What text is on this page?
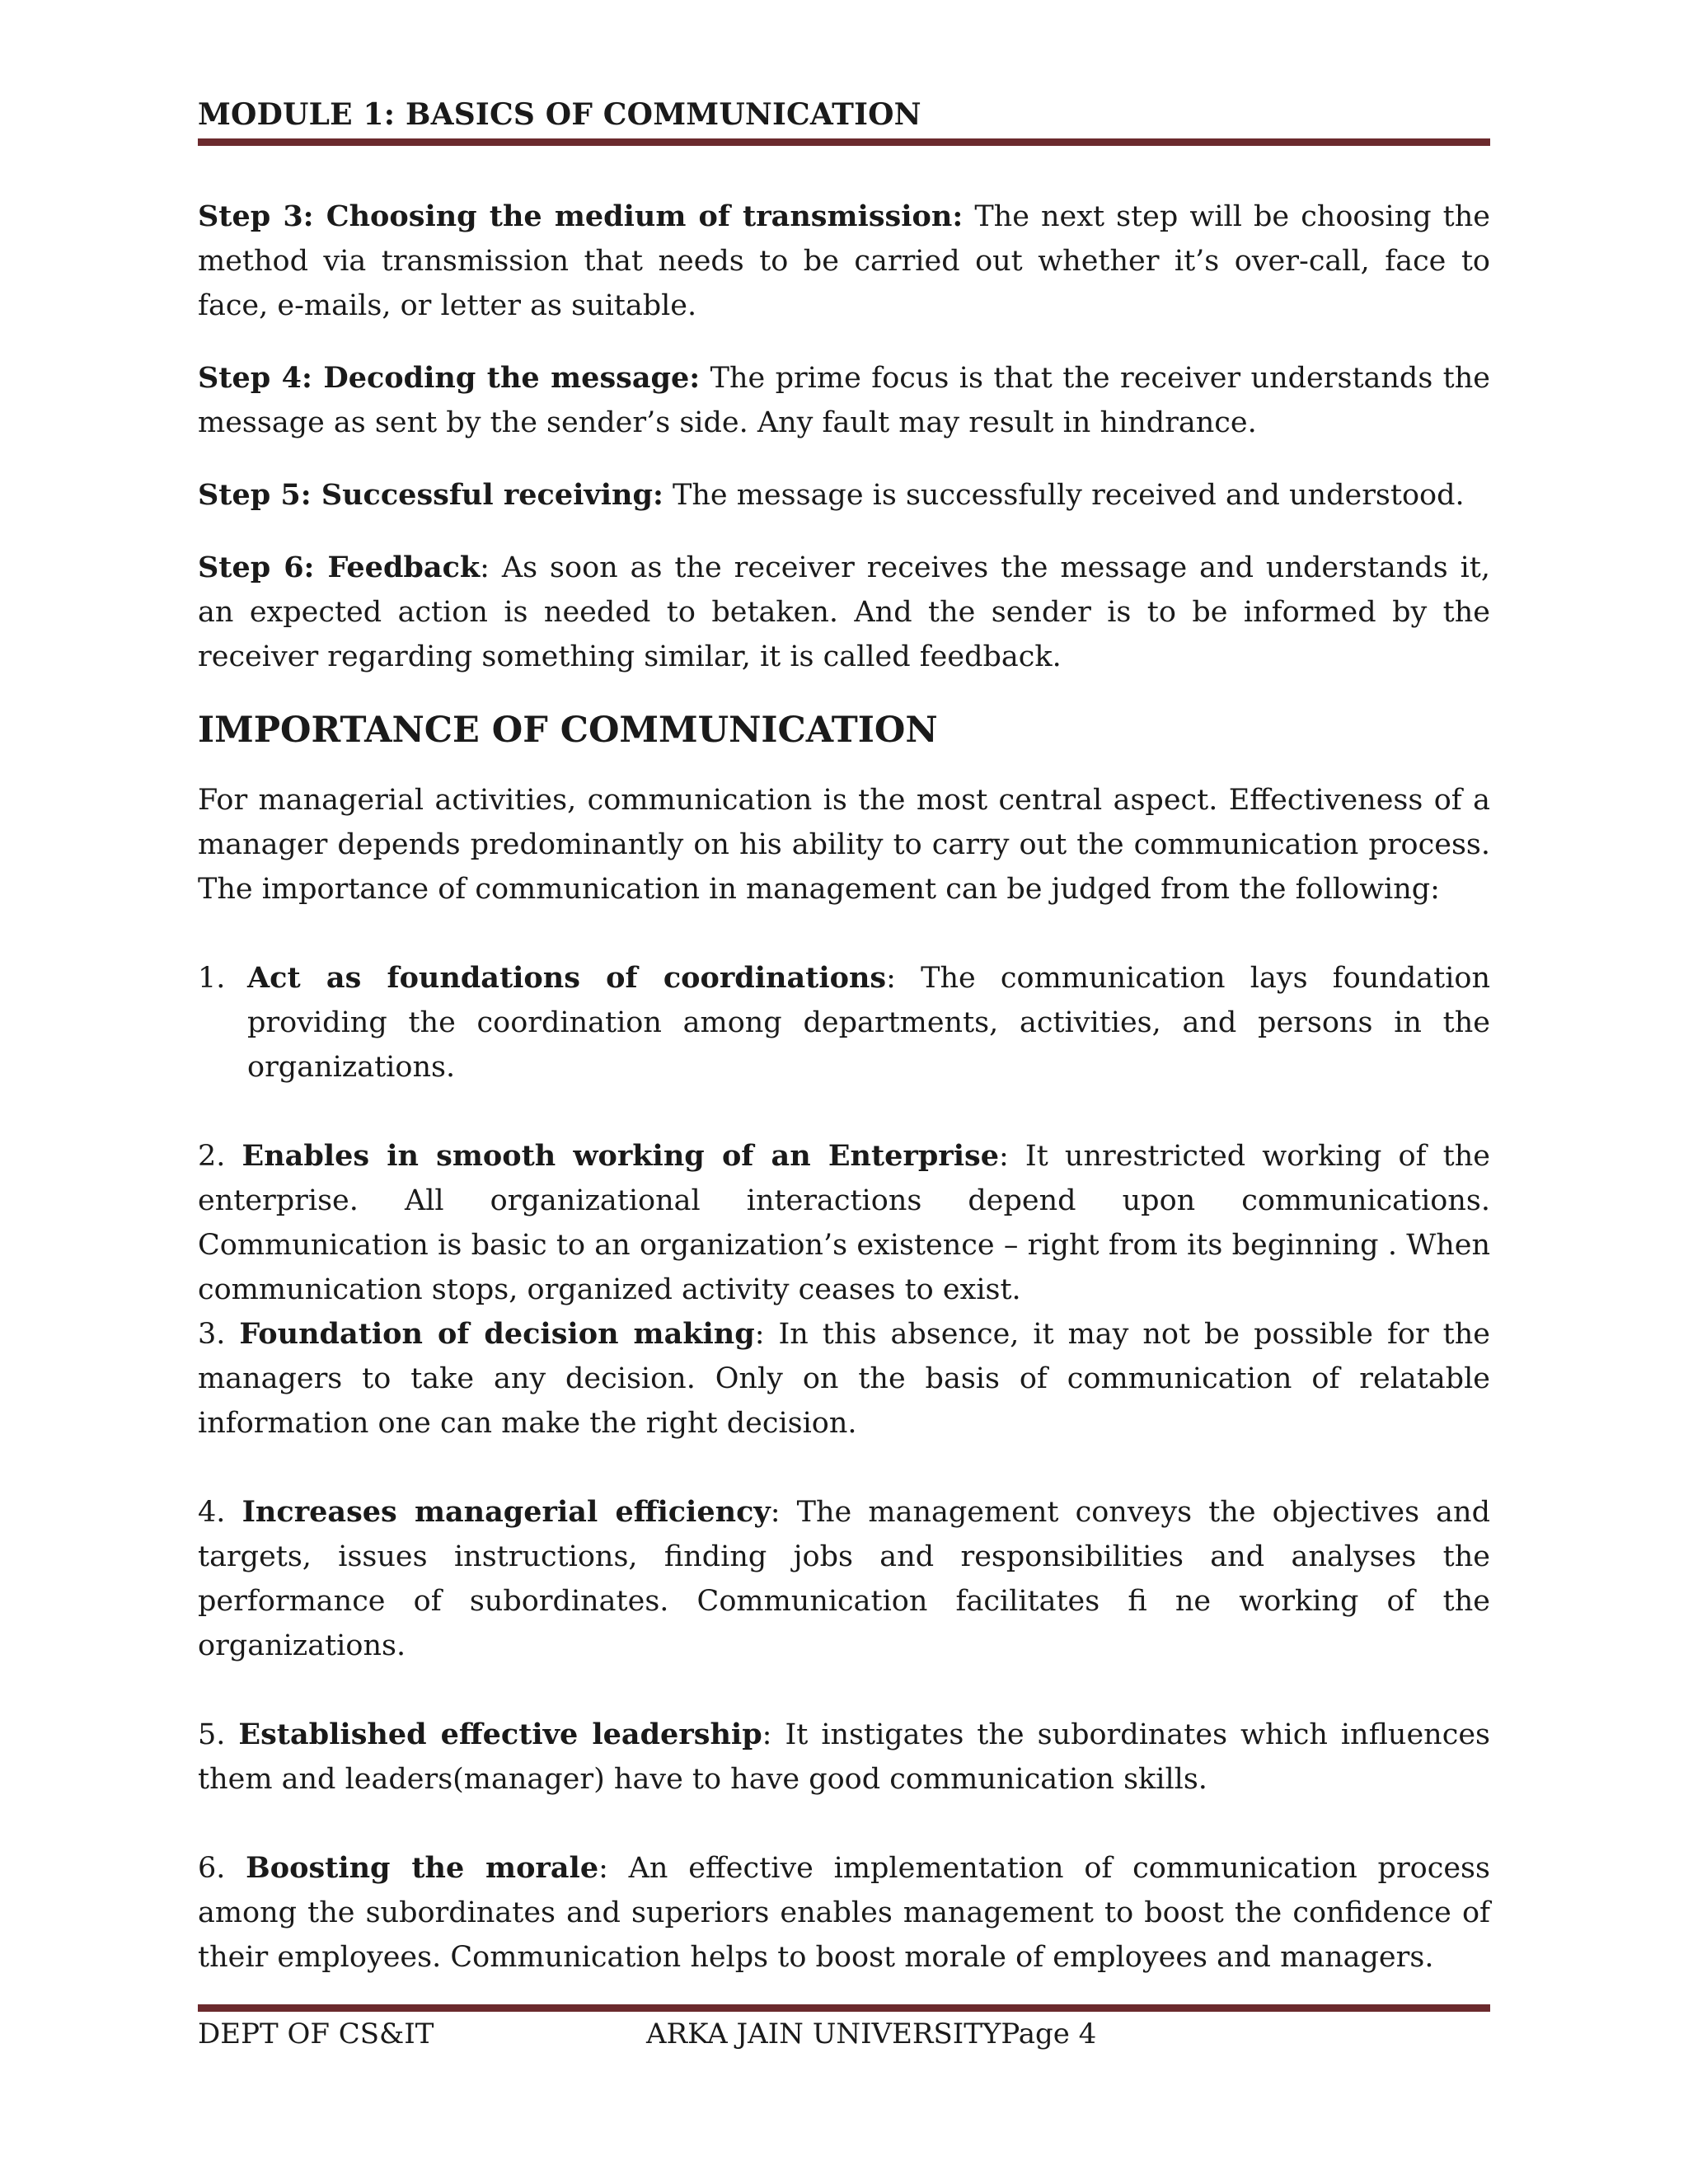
MODULE 1: BASICS OF COMMUNICATION

Step 3: Choosing the medium of transmission: The next step will be choosing the method via transmission that needs to be carried out whether it’s over-call, face to face, e-mails, or letter as suitable.

Step 4: Decoding the message: The prime focus is that the receiver understands the message as sent by the sender’s side. Any fault may result in hindrance.

Step 5: Successful receiving: The message is successfully received and understood.

Step 6: Feedback: As soon as the receiver receives the message and understands it, an expected action is needed to betaken. And the sender is to be informed by the receiver regarding something similar, it is called feedback.

IMPORTANCE OF COMMUNICATION

For managerial activities, communication is the most central aspect. Effectiveness of a manager depends predominantly on his ability to carry out the communication process. The importance of communication in management can be judged from the following:

1. Act as foundations of coordinations: The communication lays foundation providing the coordination among departments, activities, and persons in the organizations.

2. Enables in smooth working of an Enterprise: It unrestricted working of the enterprise. All organizational interactions depend upon communications. Communication is basic to an organization’s existence – right from its beginning . When communication stops, organized activity ceases to exist.

3. Foundation of decision making: In this absence, it may not be possible for the managers to take any decision. Only on the basis of communication of relatable information one can make the right decision.

4. Increases managerial efficiency: The management conveys the objectives and targets, issues instructions, finding jobs and responsibilities and analyses the performance of subordinates. Communication facilitates fi ne working of the organizations.

5. Established effective leadership: It instigates the subordinates which influences them and leaders(manager) have to have good communication skills.

6. Boosting the morale: An effective implementation of communication process among the subordinates and superiors enables management to boost the confidence of their employees. Communication helps to boost morale of employees and managers.

DEPT OF CS&IT	ARKA JAIN UNIVERSITYPage 4
